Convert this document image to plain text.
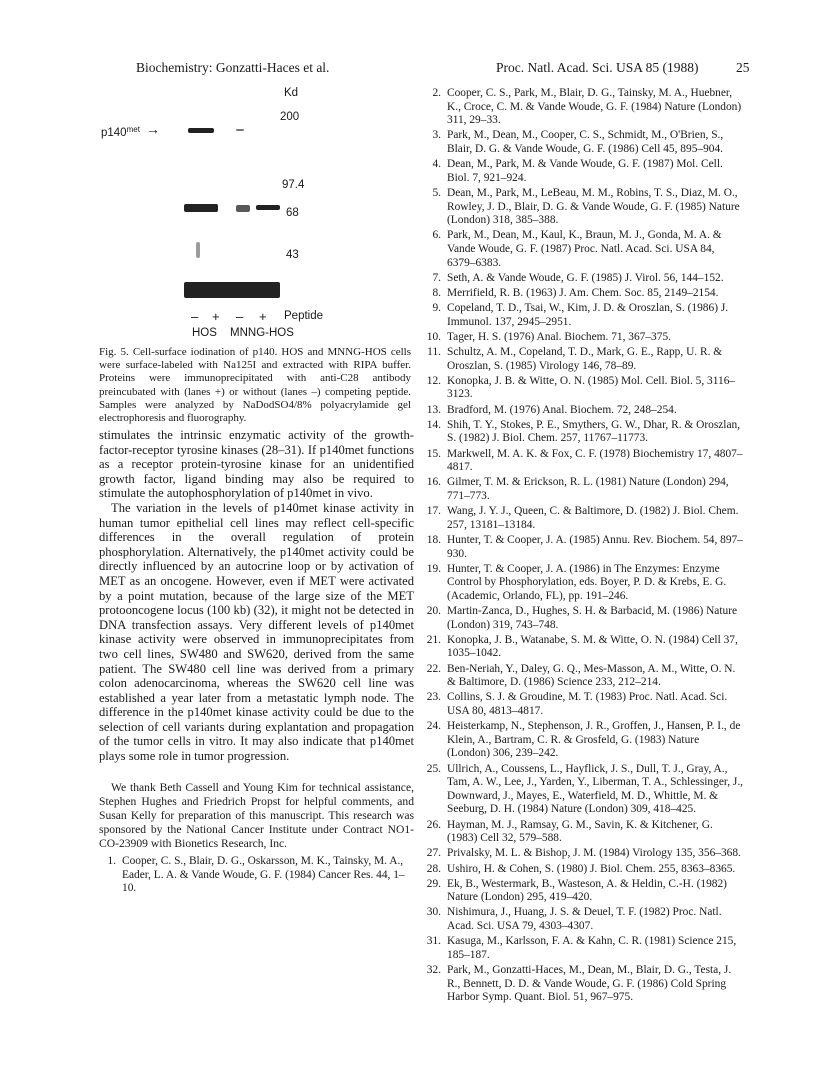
Biochemistry: Gonzatti-Haces et al.	Proc. Natl. Acad. Sci. USA 85 (1988)	25
Kd
200
97.4
68
43
$p140^{met}$ →
– + – + Peptide
HOS MNNG-HOS
Fig. 5. Cell-surface iodination of p140. HOS and MNNG-HOS cells were surface-labeled with Na125I and extracted with RIPA buffer. Proteins were immunoprecipitated with anti-C28 antibody preincubated with (lanes +) or without (lanes –) competing peptide. Samples were analyzed by NaDodSO4/8% polyacrylamide gel electrophoresis and fluorography.

stimulates the intrinsic enzymatic activity of the growth-factor-receptor tyrosine kinases (28–31). If p140met functions as a receptor protein-tyrosine kinase for an unidentified growth factor, ligand binding may also be required to stimulate the autophosphorylation of p140met in vivo.

The variation in the levels of p140met kinase activity in human tumor epithelial cell lines may reflect cell-specific differences in the overall regulation of protein phosphorylation. Alternatively, the p140met activity could be directly influenced by an autocrine loop or by activation of MET as an oncogene. However, even if MET were activated by a point mutation, because of the large size of the MET protooncogene locus (100 kb) (32), it might not be detected in DNA transfection assays. Very different levels of p140met kinase activity were observed in immunoprecipitates from two cell lines, SW480 and SW620, derived from the same patient. The SW480 cell line was derived from a primary colon adenocarcinoma, whereas the SW620 cell line was established a year later from a metastatic lymph node. The difference in the p140met kinase activity could be due to the selection of cell variants during explantation and propagation of the tumor cells in vitro. It may also indicate that p140met plays some role in tumor progression.

We thank Beth Cassell and Young Kim for technical assistance, Stephen Hughes and Friedrich Propst for helpful comments, and Susan Kelly for preparation of this manuscript. This research was sponsored by the National Cancer Institute under Contract NO1-CO-23909 with Bionetics Research, Inc.

1. Cooper, C. S., Blair, D. G., Oskarsson, M. K., Tainsky, M. A., Eader, L. A. & Vande Woude, G. F. (1984) Cancer Res. 44, 1–10.
2. Cooper, C. S., Park, M., Blair, D. G., Tainsky, M. A., Huebner, K., Croce, C. M. & Vande Woude, G. F. (1984) Nature (London) 311, 29–33.
3. Park, M., Dean, M., Cooper, C. S., Schmidt, M., O'Brien, S., Blair, D. G. & Vande Woude, G. F. (1986) Cell 45, 895–904.
4. Dean, M., Park, M. & Vande Woude, G. F. (1987) Mol. Cell. Biol. 7, 921–924.
5. Dean, M., Park, M., LeBeau, M. M., Robins, T. S., Diaz, M. O., Rowley, J. D., Blair, D. G. & Vande Woude, G. F. (1985) Nature (London) 318, 385–388.
6. Park, M., Dean, M., Kaul, K., Braun, M. J., Gonda, M. A. & Vande Woude, G. F. (1987) Proc. Natl. Acad. Sci. USA 84, 6379–6383.
7. Seth, A. & Vande Woude, G. F. (1985) J. Virol. 56, 144–152.
8. Merrifield, R. B. (1963) J. Am. Chem. Soc. 85, 2149–2154.
9. Copeland, T. D., Tsai, W., Kim, J. D. & Oroszlan, S. (1986) J. Immunol. 137, 2945–2951.
10. Tager, H. S. (1976) Anal. Biochem. 71, 367–375.
11. Schultz, A. M., Copeland, T. D., Mark, G. E., Rapp, U. R. & Oroszlan, S. (1985) Virology 146, 78–89.
12. Konopka, J. B. & Witte, O. N. (1985) Mol. Cell. Biol. 5, 3116–3123.
13. Bradford, M. (1976) Anal. Biochem. 72, 248–254.
14. Shih, T. Y., Stokes, P. E., Smythers, G. W., Dhar, R. & Oroszlan, S. (1982) J. Biol. Chem. 257, 11767–11773.
15. Markwell, M. A. K. & Fox, C. F. (1978) Biochemistry 17, 4807–4817.
16. Gilmer, T. M. & Erickson, R. L. (1981) Nature (London) 294, 771–773.
17. Wang, J. Y. J., Queen, C. & Baltimore, D. (1982) J. Biol. Chem. 257, 13181–13184.
18. Hunter, T. & Cooper, J. A. (1985) Annu. Rev. Biochem. 54, 897–930.
19. Hunter, T. & Cooper, J. A. (1986) in The Enzymes: Enzyme Control by Phosphorylation, eds. Boyer, P. D. & Krebs, E. G. (Academic, Orlando, FL), pp. 191–246.
20. Martin-Zanca, D., Hughes, S. H. & Barbacid, M. (1986) Nature (London) 319, 743–748.
21. Konopka, J. B., Watanabe, S. M. & Witte, O. N. (1984) Cell 37, 1035–1042.
22. Ben-Neriah, Y., Daley, G. Q., Mes-Masson, A. M., Witte, O. N. & Baltimore, D. (1986) Science 233, 212–214.
23. Collins, S. J. & Groudine, M. T. (1983) Proc. Natl. Acad. Sci. USA 80, 4813–4817.
24. Heisterkamp, N., Stephenson, J. R., Groffen, J., Hansen, P. I., de Klein, A., Bartram, C. R. & Grosfeld, G. (1983) Nature (London) 306, 239–242.
25. Ullrich, A., Coussens, L., Hayflick, J. S., Dull, T. J., Gray, A., Tam, A. W., Lee, J., Yarden, Y., Liberman, T. A., Schlessinger, J., Downward, J., Mayes, E., Waterfield, M. D., Whittle, M. & Seeburg, D. H. (1984) Nature (London) 309, 418–425.
26. Hayman, M. J., Ramsay, G. M., Savin, K. & Kitchener, G. (1983) Cell 32, 579–588.
27. Privalsky, M. L. & Bishop, J. M. (1984) Virology 135, 356–368.
28. Ushiro, H. & Cohen, S. (1980) J. Biol. Chem. 255, 8363–8365.
29. Ek, B., Westermark, B., Wasteson, A. & Heldin, C.-H. (1982) Nature (London) 295, 419–420.
30. Nishimura, J., Huang, J. S. & Deuel, T. F. (1982) Proc. Natl. Acad. Sci. USA 79, 4303–4307.
31. Kasuga, M., Karlsson, F. A. & Kahn, C. R. (1981) Science 215, 185–187.
32. Park, M., Gonzatti-Haces, M., Dean, M., Blair, D. G., Testa, J. R., Bennett, D. D. & Vande Woude, G. F. (1986) Cold Spring Harbor Symp. Quant. Biol. 51, 967–975.
